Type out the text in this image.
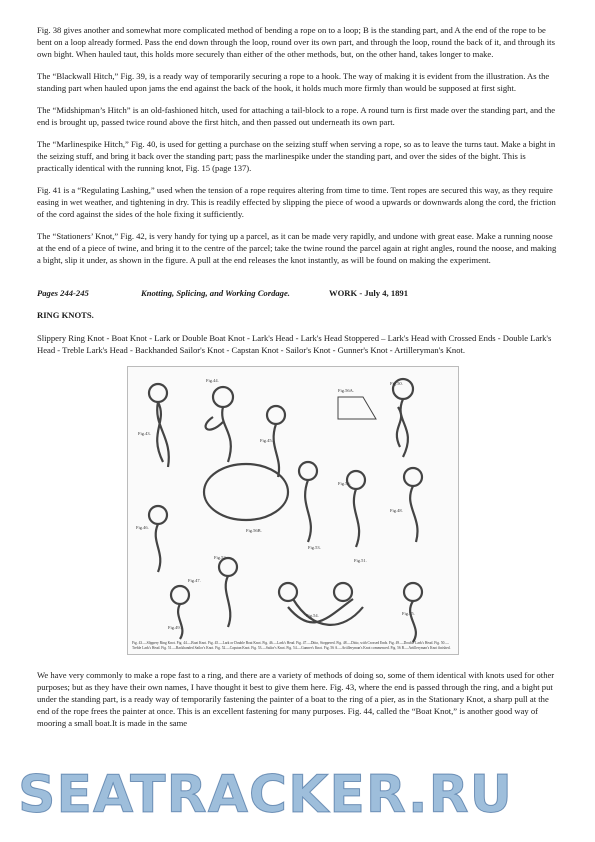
Fig. 38 gives another and somewhat more complicated method of bending a rope on to a loop; B is the standing part, and A the end of the rope to be bent on a loop already formed. Pass the end down through the loop, round over its own part, and through the loop, round the back of it, and through its own bight. When hauled taut, this holds more securely than either of the other methods, but, on the other hand, takes longer to make.

The “Blackwall Hitch,” Fig. 39, is a ready way of temporarily securing a rope to a hook. The way of making it is evident from the illustration. As the standing part when hauled upon jams the end against the back of the hook, it holds much more firmly than would be supposed at first sight.

The “Midshipman’s Hitch” is an old-fashioned hitch, used for attaching a tail-block to a rope. A round turn is first made over the standing part, and the end is brought up, passed twice round above the first hitch, and then passed out underneath its own part.

The “Marlinespike Hitch,” Fig. 40, is used for getting a purchase on the seizing stuff when serving a rope, so as to leave the turns taut. Make a bight in the seizing stuff, and bring it back over the standing part; pass the marlinespike under the standing part, and over the sides of the bight. This is practically identical with the running knot, Fig. 15 (page 137).

Fig. 41 is a “Regulating Lashing,” used when the tension of a rope requires altering from time to time. Tent ropes are secured this way, as they require easing in wet weather, and tightening in dry. This is readily effected by slipping the piece of wood a upwards or downwards along the cord, the friction of the cord against the sides of the hole fixing it sufficiently.

The “Stationers’ Knot,” Fig. 42, is very handy for tying up a parcel, as it can be made very rapidly, and undone with great ease. Make a running noose at the end of a piece of twine, and bring it to the centre of the parcel; take the twine round the parcel again at right angles, round the noose, and making a bight, slip it under, as shown in the figure. A pull at the end releases the knot instantly, as will be found on making the experiment.

Pages 244-245	Knotting, Splicing, and Working Cordage.	WORK - July 4, 1891
RING KNOTS.
Slippery Ring Knot - Boat Knot - Lark or Double Boat Knot - Lark's Head - Lark's Head Stoppered – Lark's Head with Crossed Ends - Double Lark's Head - Treble Lark's Head - Backhanded Sailor's Knot - Capstan Knot - Sailor's Knot - Gunner's Knot - Artilleryman's Knot.
Fig.43.
Fig.44.
Fig.45.
Fig.46.
Fig.47.
Fig.48.
Fig.49.
Fig.50.
Fig.51.
Fig.52.
Fig.53.
Fig.54.	Fig.55.
Fig.56.
Fig.56A.
Fig.56B.
Fig. 43.—Slippery Ring Knot. Fig. 44.—Boat Knot. Fig. 45.—Lark or Double Boat Knot. Fig. 46.—Lark's Head. Fig. 47.—Ditto, Stoppered. Fig. 48.—Ditto, with Crossed Ends. Fig. 49.—Double Lark's Head. Fig. 50.—Treble Lark's Head. Fig. 51.—Backhanded Sailor's Knot. Fig. 52.—Capstan Knot. Fig. 53.—Sailor's Knot. Fig. 54.—Gunner's Knot. Fig. 56 A.—Artilleryman's Knot commenced. Fig. 56 B.—Artilleryman's Knot finished.

We have very commonly to make a rope fast to a ring, and there are a variety of methods of doing so, some of them identical with knots used for other purposes; but as they have their own names, I have thought it best to give them here. Fig. 43, where the end is passed through the ring, and a bight put under the standing part, is a ready way of temporarily fastening the painter of a boat to the ring of a pier, as in the Stationary Knot, a sharp pull at the end of the rope frees the painter at once. This is an excellent fastening for many purposes. Fig. 44, called the “Boat Knot,” is another good way of mooring a small boat.It is made in the same

SEATRACKER.RU
